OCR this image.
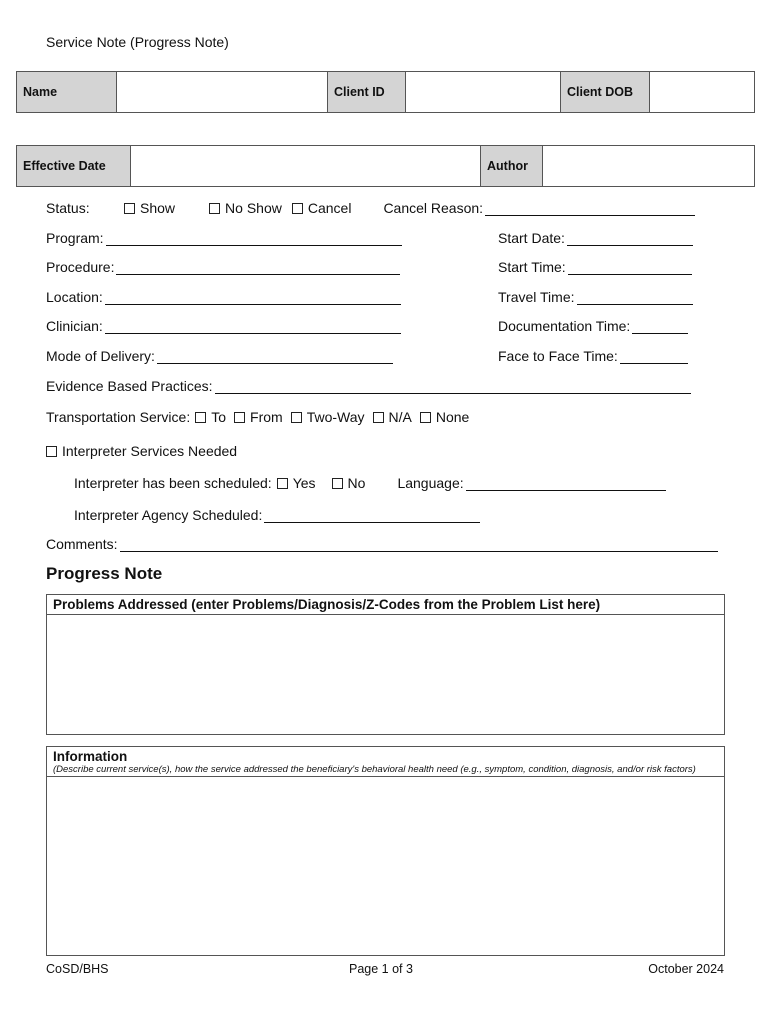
Service Note (Progress Note)
Name		Client ID		Client DOB	
Effective Date		Author	
Status:	Show	No Show Cancel Cancel Reason:
Program:
Procedure:
Location:
Clinician:
Mode of Delivery:
Start Date:
Start Time:
Travel Time:
Documentation Time:
Face to Face Time:
Evidence Based Practices:
Transportation Service: To From Two-Way N/A None
Interpreter Services Needed
Interpreter has been scheduled: Yes No Language:
Interpreter Agency Scheduled:
Comments:
Progress Note
Problems Addressed (enter Problems/Diagnosis/Z-Codes from the Problem List here)
Information
(Describe current service(s), how the service addressed the beneficiary's behavioral health need (e.g., symptom, condition, diagnosis, and/or risk factors)
CoSD/BHS	Page 1 of 3	October 2024
